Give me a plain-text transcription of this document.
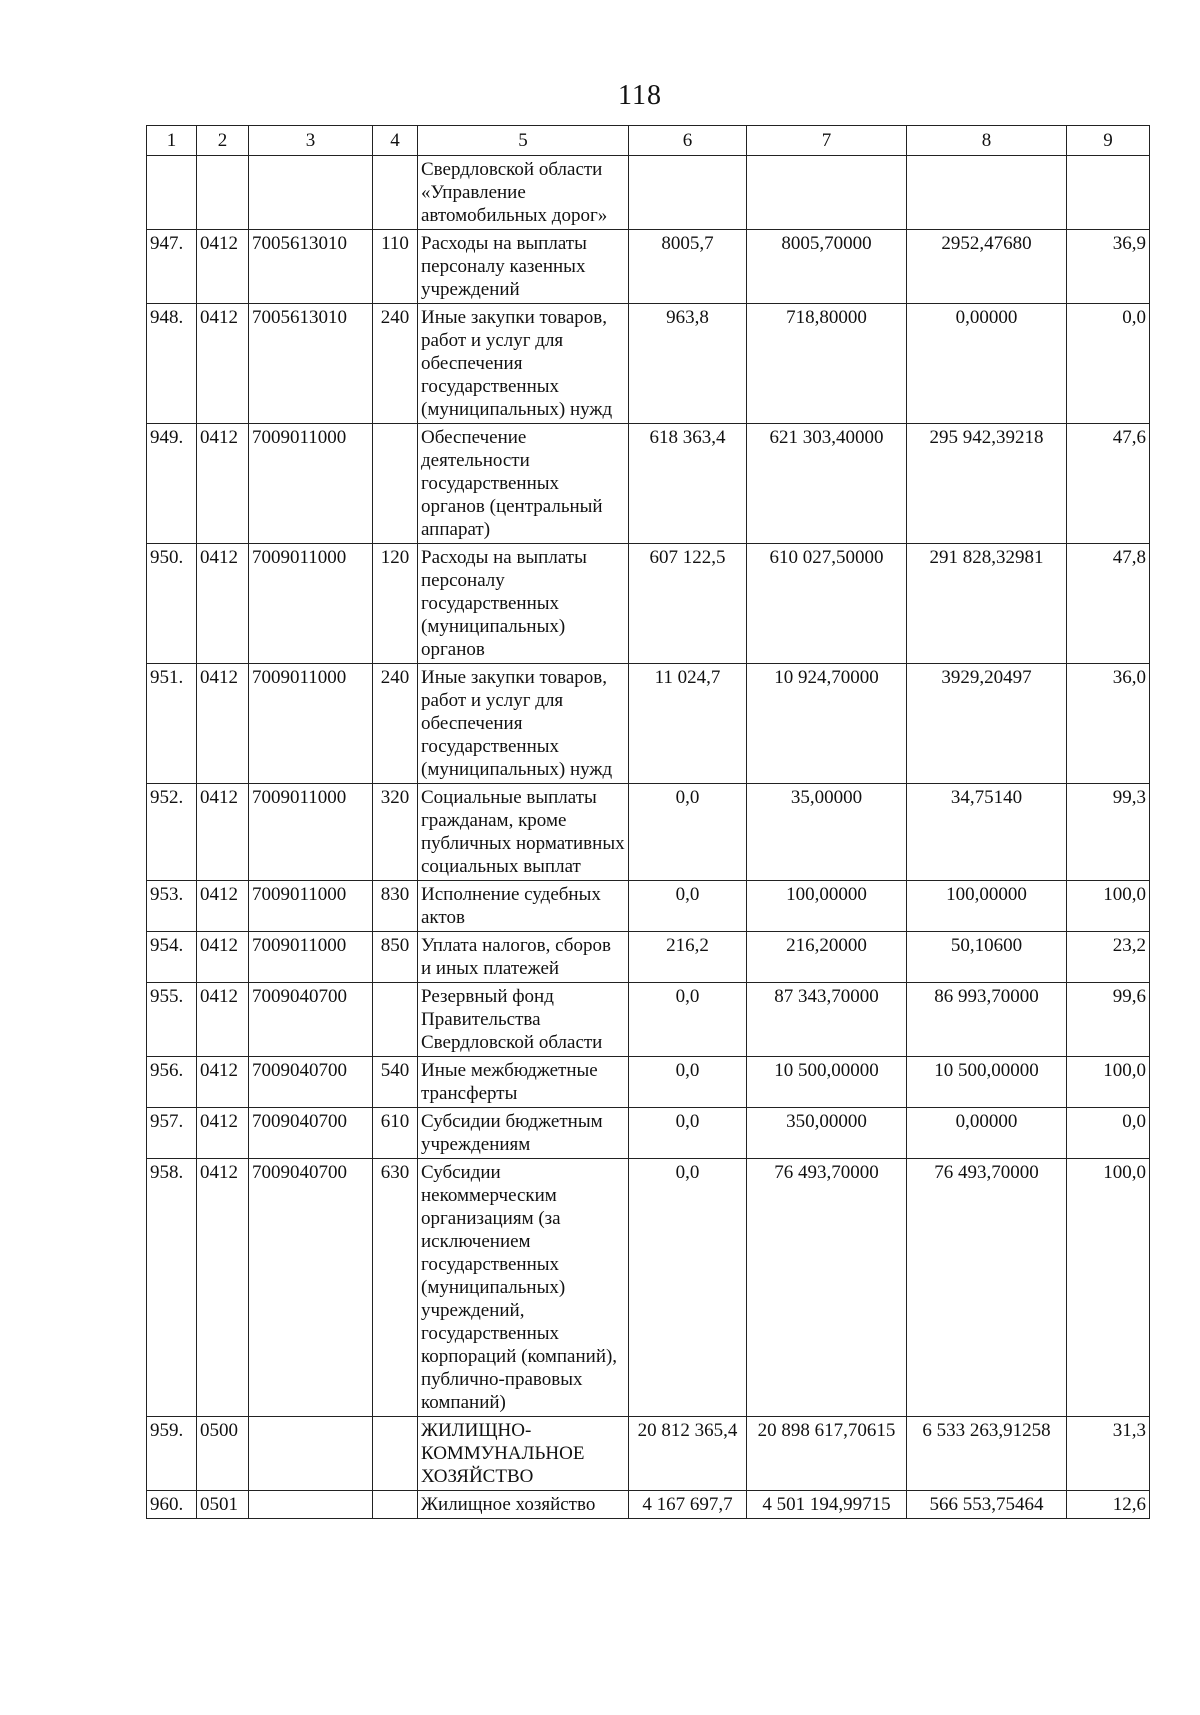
118
1	2	3	4	5	6	7	8	9
				Свердловской области «Управление автомобильных дорог»				
947.	0412	7005613010	110	Расходы на выплаты персоналу казенных учреждений	8005,7	8005,70000	2952,47680	36,9
948.	0412	7005613010	240	Иные закупки товаров, работ и услуг для обеспечения государственных (муниципальных) нужд	963,8	718,80000	0,00000	0,0
949.	0412	7009011000		Обеспечение деятельности государственных органов (центральный аппарат)	618 363,4	621 303,40000	295 942,39218	47,6
950.	0412	7009011000	120	Расходы на выплаты персоналу государственных (муниципальных) органов	607 122,5	610 027,50000	291 828,32981	47,8
951.	0412	7009011000	240	Иные закупки товаров, работ и услуг для обеспечения государственных (муниципальных) нужд	11 024,7	10 924,70000	3929,20497	36,0
952.	0412	7009011000	320	Социальные выплаты гражданам, кроме публичных нормативных социальных выплат	0,0	35,00000	34,75140	99,3
953.	0412	7009011000	830	Исполнение судебных актов	0,0	100,00000	100,00000	100,0
954.	0412	7009011000	850	Уплата налогов, сборов и иных платежей	216,2	216,20000	50,10600	23,2
955.	0412	7009040700		Резервный фонд Правительства Свердловской области	0,0	87 343,70000	86 993,70000	99,6
956.	0412	7009040700	540	Иные межбюджетные трансферты	0,0	10 500,00000	10 500,00000	100,0
957.	0412	7009040700	610	Субсидии бюджетным учреждениям	0,0	350,00000	0,00000	0,0
958.	0412	7009040700	630	Субсидии некоммерческим организациям (за исключением государственных (муниципальных) учреждений, государственных корпораций (компаний), публично-правовых компаний)	0,0	76 493,70000	76 493,70000	100,0
959.	0500			ЖИЛИЩНО-КОММУНАЛЬНОЕ ХОЗЯЙСТВО	20 812 365,4	20 898 617,70615	6 533 263,91258	31,3
960.	0501			Жилищное хозяйство	4 167 697,7	4 501 194,99715	566 553,75464	12,6
